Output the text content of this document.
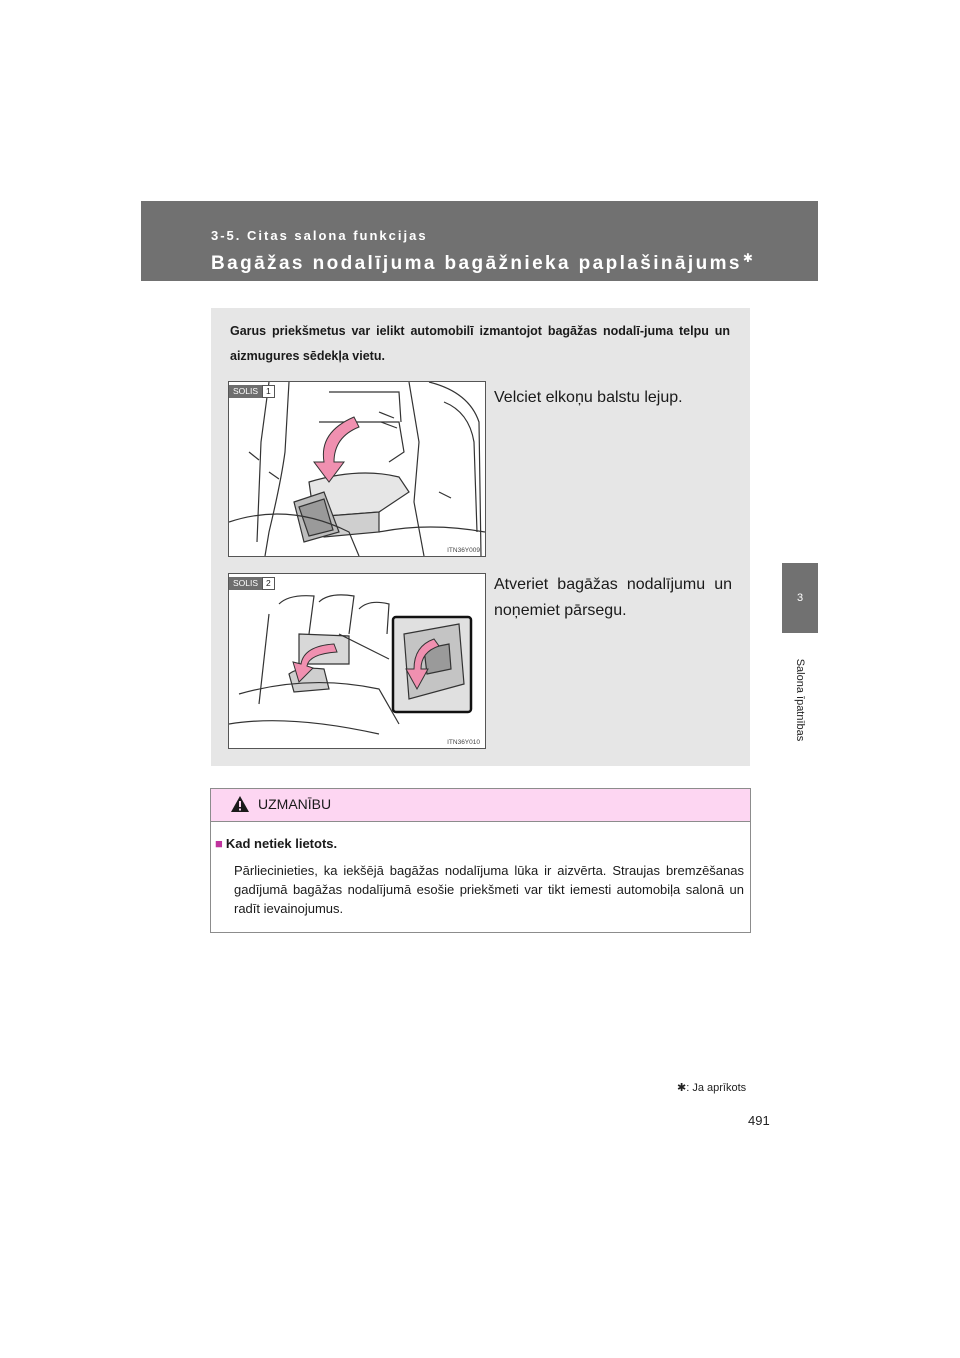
3-5. Citas salona funkcijas
Bagāžas nodalījuma bagāžnieka paplašinājums✱
3
Salona īpatnības
Garus priekšmetus var ielikt automobilī izmantojot bagāžas nodalī-juma telpu un aizmugures sēdekļa vietu.
SOLIS 1
ITN36Y009
Velciet elkoņu balstu lejup.
SOLIS 2
ITN36Y010
Atveriet bagāžas nodalījumu un noņemiet pārsegu.
UZMANĪBU
■ Kad netiek lietots.
Pārliecinieties, ka iekšējā bagāžas nodalījuma lūka ir aizvērta. Straujas bremzēšanas gadījumā bagāžas nodalījumā esošie priekšmeti var tikt iemesti automobiļa salonā un radīt ievainojumus.
✱: Ja aprīkots
491
